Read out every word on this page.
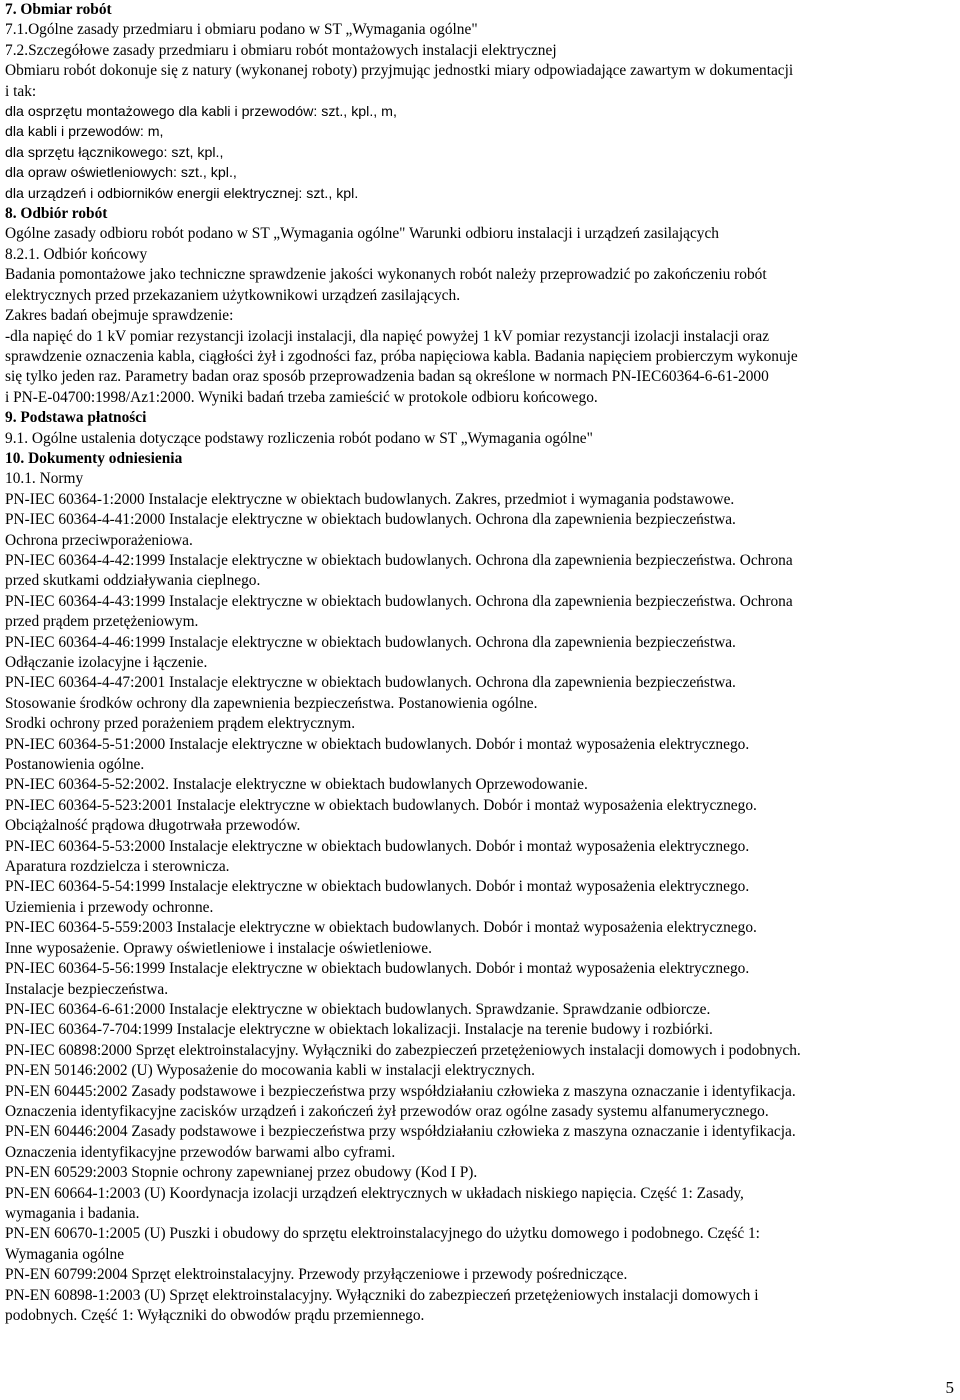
7. Obmiar robót
7.1.Ogólne zasady przedmiaru i obmiaru podano w ST „Wymagania ogólne"
7.2.Szczegółowe zasady przedmiaru i obmiaru robót montażowych instalacji elektrycznej
Obmiaru robót dokonuje się z natury (wykonanej roboty) przyjmując jednostki miary odpowiadające zawartym w dokumentacji
i tak:
dla osprzętu montażowego dla kabli i przewodów: szt., kpl., m,
dla kabli i przewodów: m,
dla sprzętu łącznikowego: szt, kpl.,
dla opraw oświetleniowych: szt., kpl.,
dla urządzeń i odbiorników energii elektrycznej: szt., kpl.
8. Odbiór robót
Ogólne zasady odbioru robót podano w ST „Wymagania ogólne" Warunki odbioru instalacji i urządzeń zasilających
8.2.1. Odbiór końcowy
Badania pomontażowe jako techniczne sprawdzenie jakości wykonanych robót należy przeprowadzić po zakończeniu robót
elektrycznych przed przekazaniem użytkownikowi urządzeń zasilających.
Zakres badań obejmuje sprawdzenie:
-dla napięć do 1 kV pomiar rezystancji izolacji instalacji, dla napięć powyżej 1 kV pomiar rezystancji izolacji instalacji oraz
sprawdzenie oznaczenia kabla, ciągłości żył i zgodności faz, próba napięciowa kabla. Badania napięciem probierczym wykonuje
się tylko jeden raz. Parametry badan oraz sposób przeprowadzenia badan są określone w normach PN-IEC60364-6-61-2000
i PN-E-04700:1998/Az1:2000. Wyniki badań trzeba zamieścić w protokole odbioru końcowego.
9. Podstawa płatności
9.1. Ogólne ustalenia dotyczące podstawy rozliczenia robót podano w ST „Wymagania ogólne"
10. Dokumenty odniesienia
10.1. Normy
PN-IEC 60364-1:2000 Instalacje elektryczne w obiektach budowlanych. Zakres, przedmiot i wymagania podstawowe.
PN-IEC 60364-4-41:2000 Instalacje elektryczne w obiektach budowlanych. Ochrona dla zapewnienia bezpieczeństwa.
Ochrona przeciwporażeniowa.
PN-IEC 60364-4-42:1999 Instalacje elektryczne w obiektach budowlanych. Ochrona dla zapewnienia bezpieczeństwa. Ochrona
przed skutkami oddziaływania cieplnego.
PN-IEC 60364-4-43:1999 Instalacje elektryczne w obiektach budowlanych. Ochrona dla zapewnienia bezpieczeństwa. Ochrona
przed prądem przetężeniowym.
PN-IEC 60364-4-46:1999 Instalacje elektryczne w obiektach budowlanych. Ochrona dla zapewnienia bezpieczeństwa.
Odłączanie izolacyjne i łączenie.
PN-IEC 60364-4-47:2001 Instalacje elektryczne w obiektach budowlanych. Ochrona dla zapewnienia bezpieczeństwa.
Stosowanie środków ochrony dla zapewnienia bezpieczeństwa. Postanowienia ogólne.
Srodki ochrony przed porażeniem prądem elektrycznym.
PN-IEC 60364-5-51:2000 Instalacje elektryczne w obiektach budowlanych. Dobór i montaż wyposażenia elektrycznego.
Postanowienia ogólne.
PN-IEC 60364-5-52:2002. Instalacje elektryczne w obiektach budowlanych Oprzewodowanie.
PN-IEC 60364-5-523:2001 Instalacje elektryczne w obiektach budowlanych. Dobór i montaż wyposażenia elektrycznego.
Obciążalność prądowa długotrwała przewodów.
PN-IEC 60364-5-53:2000 Instalacje elektryczne w obiektach budowlanych. Dobór i montaż wyposażenia elektrycznego.
Aparatura rozdzielcza i sterownicza.
PN-IEC 60364-5-54:1999 Instalacje elektryczne w obiektach budowlanych. Dobór i montaż wyposażenia elektrycznego.
Uziemienia i przewody ochronne.
PN-IEC 60364-5-559:2003 Instalacje elektryczne w obiektach budowlanych. Dobór i montaż wyposażenia elektrycznego.
Inne wyposażenie. Oprawy oświetleniowe i instalacje oświetleniowe.
PN-IEC 60364-5-56:1999 Instalacje elektryczne w obiektach budowlanych. Dobór i montaż wyposażenia elektrycznego.
Instalacje bezpieczeństwa.
PN-IEC 60364-6-61:2000 Instalacje elektryczne w obiektach budowlanych. Sprawdzanie. Sprawdzanie odbiorcze.
PN-IEC 60364-7-704:1999 Instalacje elektryczne w obiektach lokalizacji. Instalacje na terenie budowy i rozbiórki.
PN-IEC 60898:2000 Sprzęt elektroinstalacyjny. Wyłączniki do zabezpieczeń przetężeniowych instalacji domowych i podobnych.
PN-EN 50146:2002 (U) Wyposażenie do mocowania kabli w instalacji elektrycznych.
PN-EN 60445:2002 Zasady podstawowe i bezpieczeństwa przy współdziałaniu człowieka z maszyna oznaczanie i identyfikacja.
Oznaczenia identyfikacyjne zacisków urządzeń i zakończeń żył przewodów oraz ogólne zasady systemu alfanumerycznego.
PN-EN 60446:2004 Zasady podstawowe i bezpieczeństwa przy współdziałaniu człowieka z maszyna oznaczanie i identyfikacja.
Oznaczenia identyfikacyjne przewodów barwami albo cyframi.
PN-EN 60529:2003 Stopnie ochrony zapewnianej przez obudowy (Kod I P).
PN-EN 60664-1:2003 (U) Koordynacja izolacji urządzeń elektrycznych w układach niskiego napięcia. Część 1: Zasady,
wymagania i badania.
PN-EN 60670-1:2005 (U) Puszki i obudowy do sprzętu elektroinstalacyjnego do użytku domowego i podobnego. Część 1:
Wymagania ogólne
PN-EN 60799:2004 Sprzęt elektroinstalacyjny. Przewody przyłączeniowe i przewody pośredniczące.
PN-EN 60898-1:2003 (U) Sprzęt elektroinstalacyjny. Wyłączniki do zabezpieczeń przetężeniowych instalacji domowych i
podobnych. Część 1: Wyłączniki do obwodów prądu przemiennego.
5
